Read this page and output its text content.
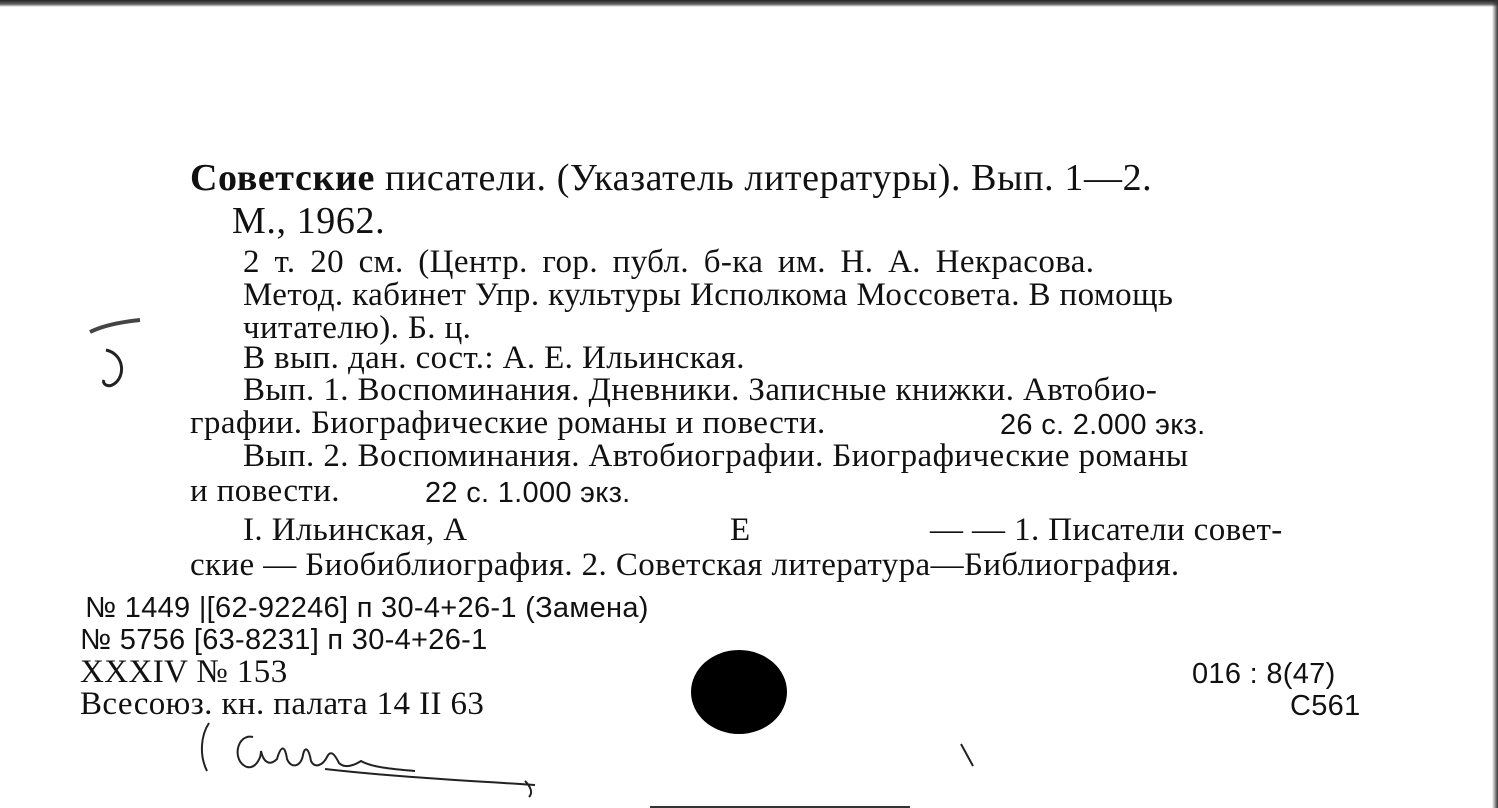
Советские писатели. (Указатель литературы). Вып. 1—2.
М., 1962.
2 т. 20 см. (Центр. гор. публ. б-ка им. Н. А. Некрасова.
Метод. кабинет Упр. культуры Исполкома Моссовета. В помощь
читателю). Б. ц.
В вып. дан. сост.: А. Е. Ильинская.
Вып. 1. Воспоминания. Дневники. Записные книжки. Автобио-
графии. Биографические романы и повести.	26 с. 2.000 экз.
Вып. 2. Воспоминания. Автобиографии. Биографические романы
и повести.	22 с. 1.000 экз.
I. Ильинская, А	Е	— — 1. Писатели совет-
ские — Биобиблиография. 2. Советская литература—Библиография.
№ 1449 |[62-92246] п 30-4+26-1 (Замена)
№ 5756 [63-8231] п 30-4+26-1
XXXIV № 153
Всесоюз. кн. палата 14 II 63
016 : 8(47)
С561
